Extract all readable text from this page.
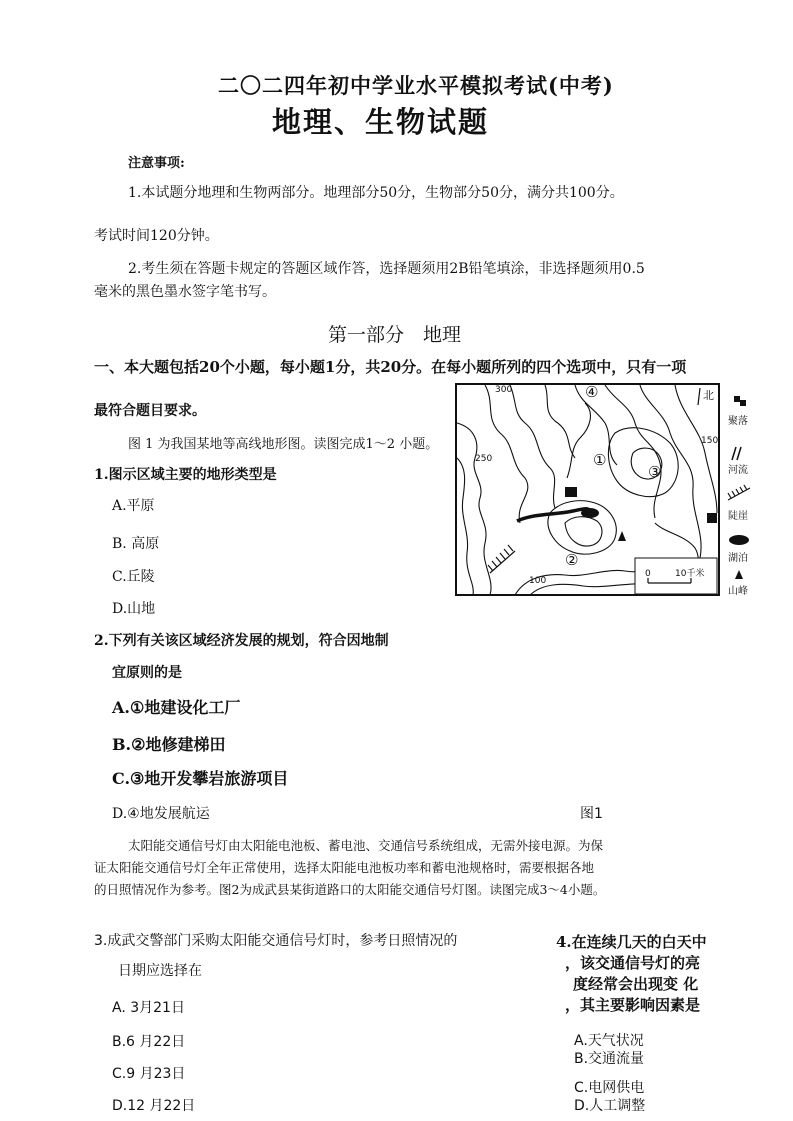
二〇二四年初中学业水平模拟考试(中考)
地理、生物试题
注意事项:
1.本试题分地理和生物两部分。地理部分50分，生物部分50分，满分共100分。
考试时间120分钟。
2.考生须在答题卡规定的答题区域作答，选择题须用2B铅笔填涂，非选择题须用0.5
毫米的黑色墨水签字笔书写。
第一部分　地理
一、本大题包括20个小题，每小题1分，共20分。在每小题所列的四个选项中，只有一项
最符合题目要求。
图 1 为我国某地等高线地形图。读图完成1～2 小题。
1.图示区域主要的地形类型是
A.平原
B. 高原
C.丘陵
D.山地
2.下列有关该区域经济发展的规划，符合因地制
宜原则的是
A.①地建设化工厂
B.②地修建梯田
C.③地开发攀岩旅游项目
D.④地发展航运	图1
300
250
150
100
①
②
③
④	北
0	10千米
聚落
河流
陡崖
湖泊
山峰
太阳能交通信号灯由太阳能电池板、蓄电池、交通信号系统组成，无需外接电源。为保
证太阳能交通信号灯全年正常使用，选择太阳能电池板功率和蓄电池规格时，需要根据各地
的日照情况作为参考。图2为成武县某街道路口的太阳能交通信号灯图。读图完成3～4小题。
3.成武交警部门采购太阳能交通信号灯时，参考日照情况的
日期应选择在
A. 3月21日
B.6 月22日
C.9 月23日
D.12 月22日
4.在连续几天的白天中
，该交通信号灯的亮
度经常会出现变 化
，其主要影响因素是
A.天气状况
B.交通流量
C.电网供电
D.人工调整
